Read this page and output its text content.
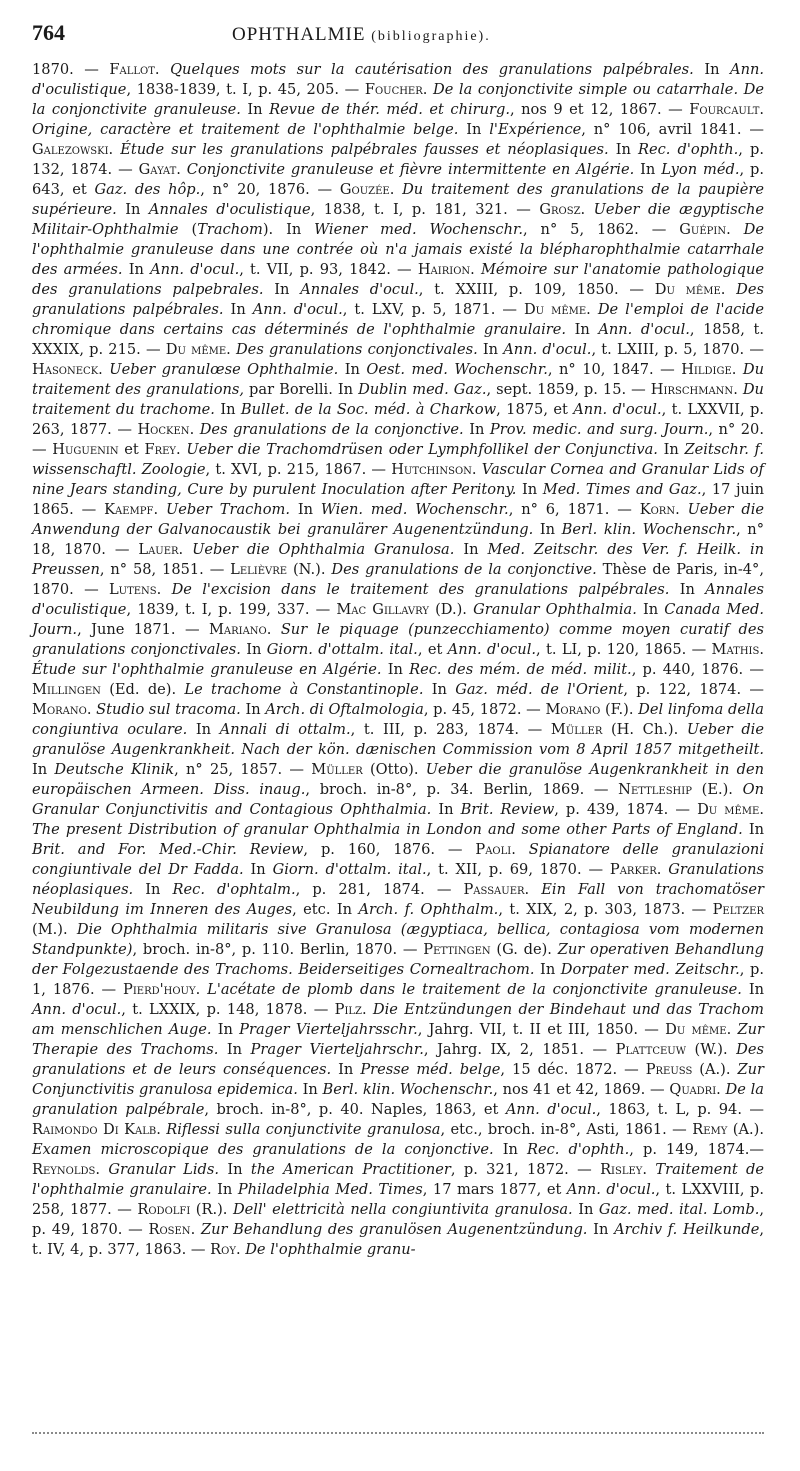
764	OPHTHALMIE (bibliographie).
1870. — Fallot. Quelques mots sur la cautérisation des granulations palpébrales. In Ann. d'oculistique, 1838-1839, t. I, p. 45, 205. — Foucher. De la conjonctivite simple ou catarrhale. De la conjonctivite granuleuse. In Revue de thér. méd. et chirurg., nos 9 et 12, 1867. — Fourcault. Origine, caractère et traitement de l'ophthalmie belge. In l'Expérience, n° 106, avril 1841. — Galezowski. Étude sur les granulations palpébrales fausses et néoplasiques. In Rec. d'ophth., p. 132, 1874. — Gayat. Conjonctivite granuleuse et fièvre intermittente en Algérie. In Lyon méd., p. 643, et Gaz. des hôp., n° 20, 1876. — Gouzée. Du traitement des granulations de la paupière supérieure. In Annales d'oculistique, 1838, t. I, p. 181, 321. — Grosz. Ueber die ægyptische Militair-Ophthalmie (Trachom). In Wiener med. Wochenschr., n° 5, 1862. — Guépin. De l'ophthalmie granuleuse dans une contrée où n'a jamais existé la blépharophthalmie catarrhale des armées. In Ann. d'ocul., t. VII, p. 93, 1842. — Hairion. Mémoire sur l'anatomie pathologique des granulations palpebrales. In Annales d'ocul., t. XXIII, p. 109, 1850. — Du même. Des granulations palpébrales. In Ann. d'ocul., t. LXV, p. 5, 1871. — Du même. De l'emploi de l'acide chromique dans certains cas déterminés de l'ophthalmie granulaire. In Ann. d'ocul., 1858, t. XXXIX, p. 215. — Du même. Des granulations conjonctivales. In Ann. d'ocul., t. LXIII, p. 5, 1870. — Hasoneck. Ueber granulœse Ophthalmie. In Oest. med. Wochenschr., n° 10, 1847. — Hildige. Du traitement des granulations, par Borelli. In Dublin med. Gaz., sept. 1859, p. 15. — Hirschmann. Du traitement du trachome. In Bullet. de la Soc. méd. à Charkow, 1875, et Ann. d'ocul., t. LXXVII, p. 263, 1877. — Hocken. Des granulations de la conjonctive. In Prov. medic. and surg. Journ., n° 20.— Huguenin et Frey. Ueber die Trachomdrüsen oder Lymphfollikel der Conjunctiva. In Zeitschr. f. wissenschaftl. Zoologie, t. XVI, p. 215, 1867. — Hutchinson. Vascular Cornea and Granular Lids of nine Jears standing, Cure by purulent Inoculation after Peritony. In Med. Times and Gaz., 17 juin 1865. — Kaempf. Ueber Trachom. In Wien. med. Wochenschr., n° 6, 1871. — Korn. Ueber die Anwendung der Galvanocaustik bei granulärer Augenentzündung. In Berl. klin. Wochenschr., n° 18, 1870. — Lauer. Ueber die Ophthalmia Granulosa. In Med. Zeitschr. des Ver. f. Heilk. in Preussen, n° 58, 1851. — Lelièvre (N.). Des granulations de la conjonctive. Thèse de Paris, in-4°, 1870. — Lutens. De l'excision dans le traitement des granulations palpébrales. In Annales d'oculistique, 1839, t. I, p. 199, 337. — Mac Gillavry (D.). Granular Ophthalmia. In Canada Med. Journ., June 1871. — Mariano. Sur le piquage (punzecchiamento) comme moyen curatif des granulations conjonctivales. In Giorn. d'ottalm. ital., et Ann. d'ocul., t. LI, p. 120, 1865. — Mathis. Étude sur l'ophthalmie granuleuse en Algérie. In Rec. des mém. de méd. milit., p. 440, 1876. — Millingen (Ed. de). Le trachome à Constantinople. In Gaz. méd. de l'Orient, p. 122, 1874. — Morano. Studio sul tracoma. In Arch. di Oftalmologia, p. 45, 1872. — Morano (F.). Del linfoma della congiuntiva oculare. In Annali di ottalm., t. III, p. 283, 1874. — Müller (H. Ch.). Ueber die granulöse Augenkrankheit. Nach der kön. dænischen Commission vom 8 April 1857 mitgetheilt. In Deutsche Klinik, n° 25, 1857. — Müller (Otto). Ueber die granulöse Augenkrankheit in den europäischen Armeen. Diss. inaug., broch. in-8°, p. 34. Berlin, 1869. — Nettleship (E.). On Granular Conjunctivitis and Contagious Ophthalmia. In Brit. Review, p. 439, 1874. — Du même. The present Distribution of granular Ophthalmia in London and some other Parts of England. In Brit. and For. Med.-Chir. Review, p. 160, 1876. — Paoli. Spianatore delle granulazioni congiuntivale del Dr Fadda. In Giorn. d'ottalm. ital., t. XII, p. 69, 1870. — Parker. Granulations néoplasiques. In Rec. d'ophtalm., p. 281, 1874. — Passauer. Ein Fall von trachomatöser Neubildung im Inneren des Auges, etc. In Arch. f. Ophthalm., t. XIX, 2, p. 303, 1873. — Peltzer (M.). Die Ophthalmia militaris sive Granulosa (ægyptiaca, bellica, contagiosa vom modernen Standpunkte), broch. in-8°, p. 110. Berlin, 1870. — Pettingen (G. de). Zur operativen Behandlung der Folgezustaende des Trachoms. Beiderseitiges Cornealtrachom. In Dorpater med. Zeitschr., p. 1, 1876. — Pierd'houy. L'acétate de plomb dans le traitement de la conjonctivite granuleuse. In Ann. d'ocul., t. LXXIX, p. 148, 1878. — Pilz. Die Entzündungen der Bindehaut und das Trachom am menschlichen Auge. In Prager Vierteljahrsschr., Jahrg. VII, t. II et III, 1850. — Du même. Zur Therapie des Trachoms. In Prager Vierteljahrschr., Jahrg. IX, 2, 1851. — Plattceuw (W.). Des granulations et de leurs conséquences. In Presse méd. belge, 15 déc. 1872. — Preuss (A.). Zur Conjunctivitis granulosa epidemica. In Berl. klin. Wochenschr., nos 41 et 42, 1869. — Quadri. De la granulation palpébrale, broch. in-8°, p. 40. Naples, 1863, et Ann. d'ocul., 1863, t. L, p. 94. — Raimondo Di Kalb. Riflessi sulla conjunctivite granulosa, etc., broch. in-8°, Asti, 1861. — Remy (A.). Examen microscopique des granulations de la conjonctive. In Rec. d'ophth., p. 149, 1874.— Reynolds. Granular Lids. In the American Practitioner, p. 321, 1872. — Risley. Traitement de l'ophthalmie granulaire. In Philadelphia Med. Times, 17 mars 1877, et Ann. d'ocul., t. LXXVIII, p. 258, 1877. — Rodolfi (R.). Dell' elettricità nella congiuntivita granulosa. In Gaz. med. ital. Lomb., p. 49, 1870. — Rosen. Zur Behandlung des granulösen Augenentzündung. In Archiv f. Heilkunde, t. IV, 4, p. 377, 1863. — Roy. De l'ophthalmie granu-
